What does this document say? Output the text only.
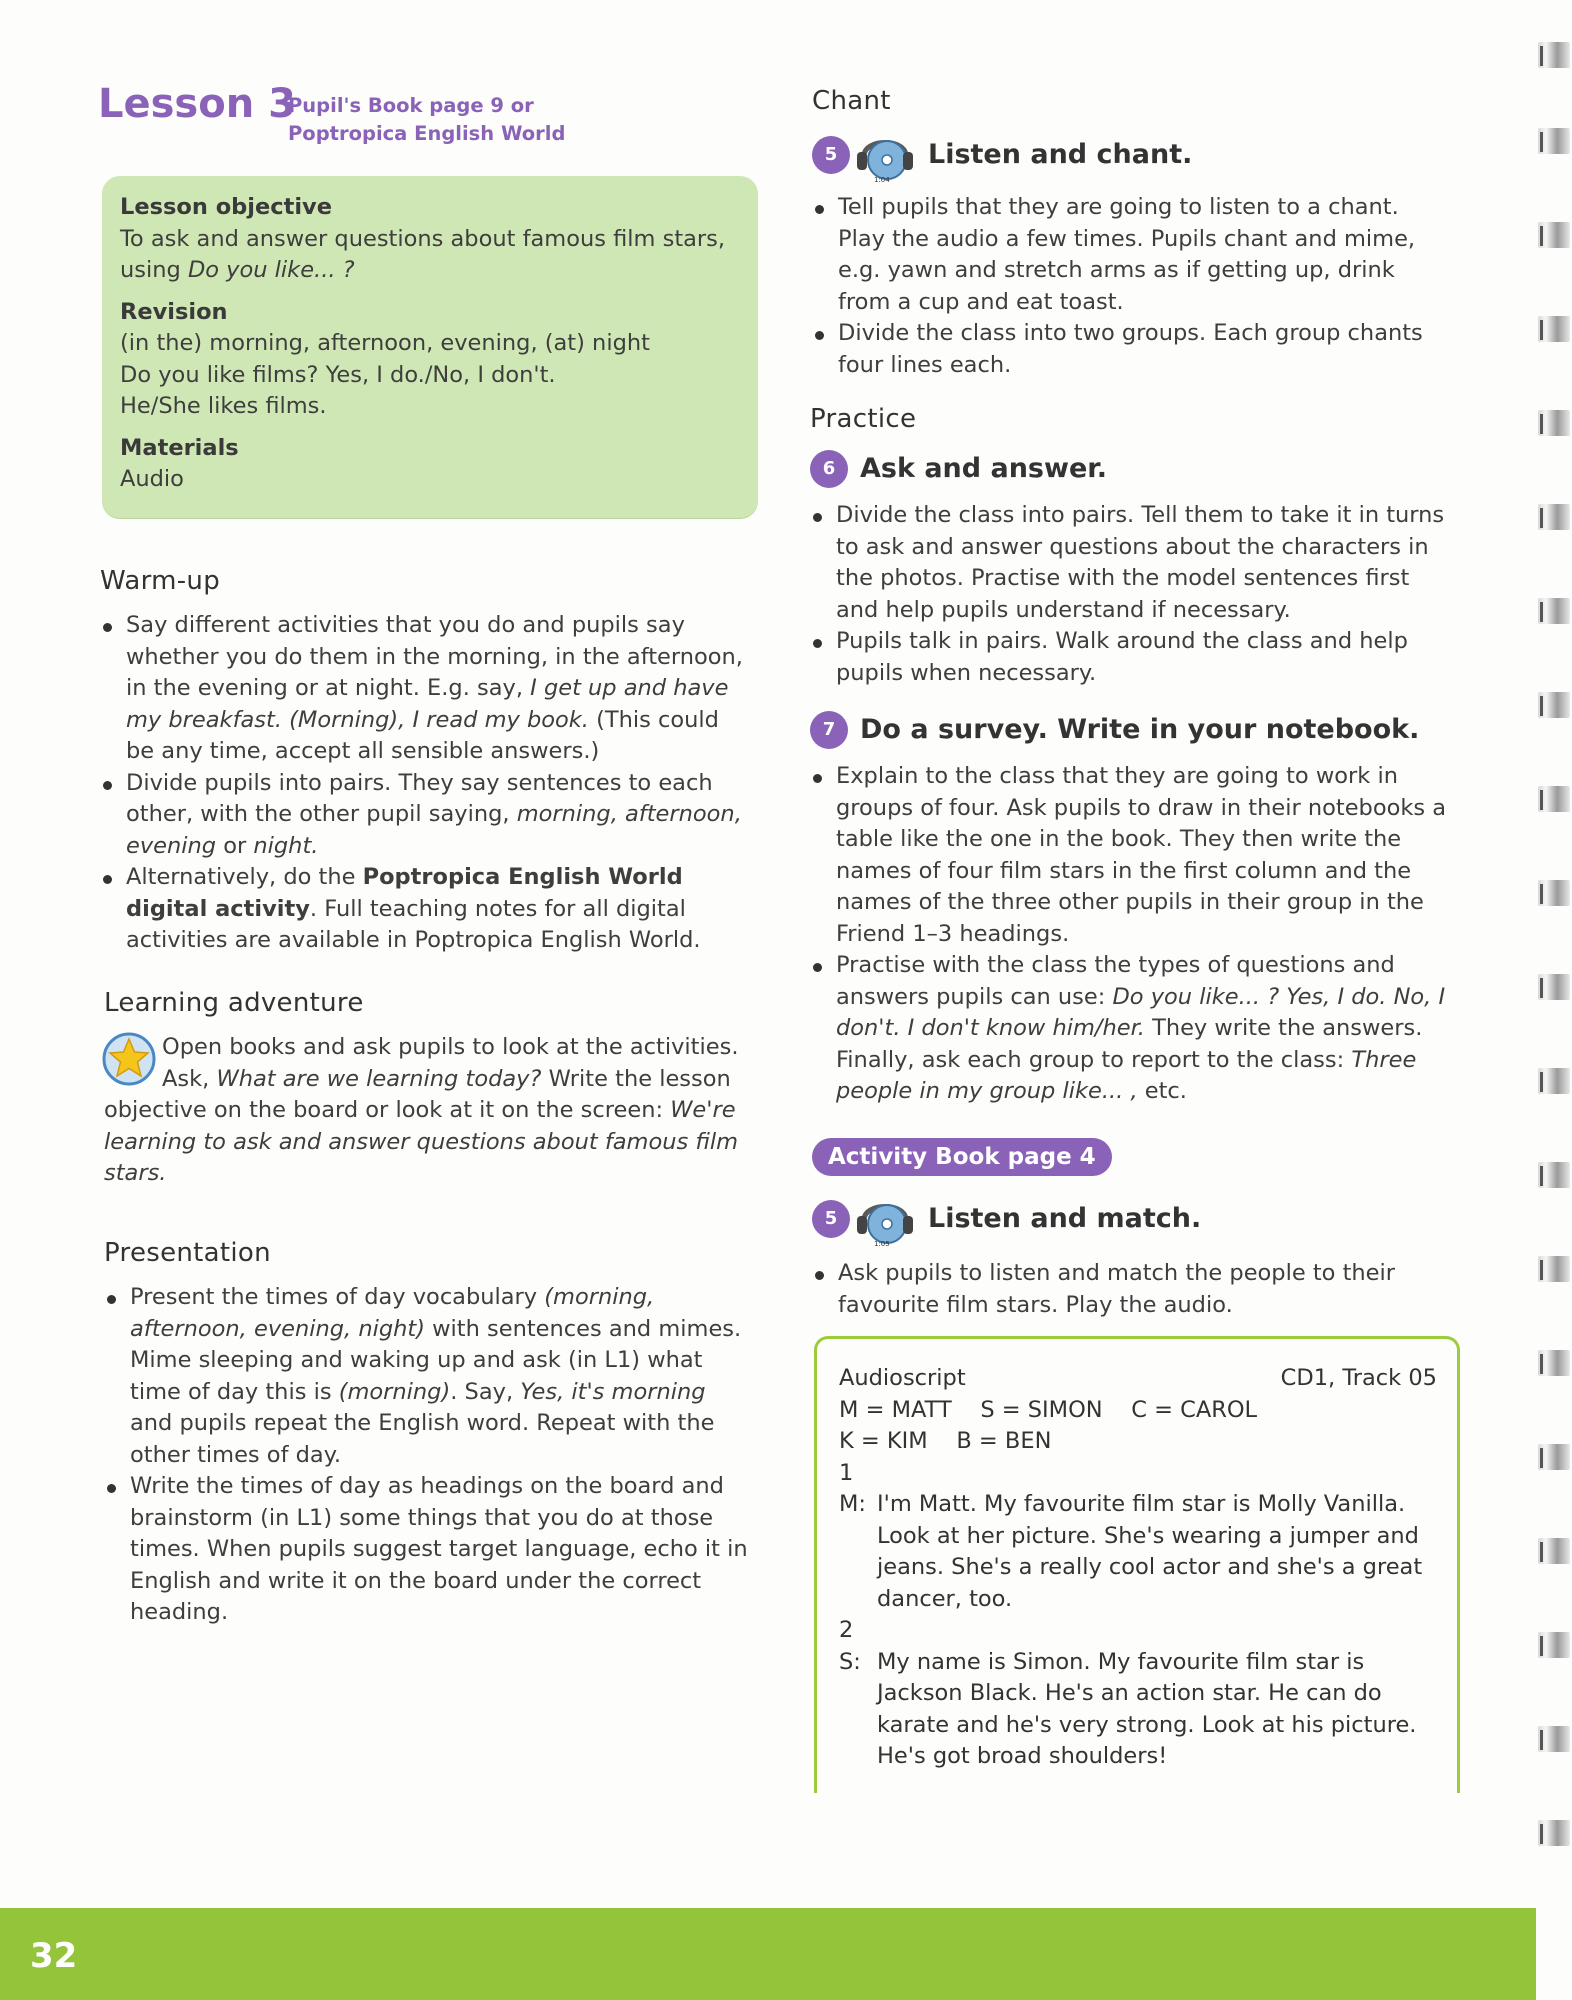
Lesson 3
Pupil's Book page 9 or
Poptropica English World

Lesson objective

To ask and answer questions about famous film stars, using Do you like... ?

Revision

(in the) morning, afternoon, evening, (at) night

Do you like films? Yes, I do./No, I don't.

He/She likes films.

Materials

Audio

Warm-up
Say different activities that you do and pupils say whether you do them in the morning, in the afternoon, in the evening or at night. E.g. say, I get up and have my breakfast. (Morning), I read my book. (This could be any time, accept all sensible answers.)
Divide pupils into pairs. They say sentences to each other, with the other pupil saying, morning, afternoon, evening or night.
Alternatively, do the Poptropica English World digital activity. Full teaching notes for all digital activities are available in Poptropica English World.
Learning adventure
Open books and ask pupils to look at the activities. Ask, What are we learning today? Write the lesson objective on the board or look at it on the screen: We're learning to ask and answer questions about famous film stars.
Presentation
Present the times of day vocabulary (morning, afternoon, evening, night) with sentences and mimes. Mime sleeping and waking up and ask (in L1) what time of day this is (morning). Say, Yes, it's morning and pupils repeat the English word. Repeat with the other times of day.
Write the times of day as headings on the board and brainstorm (in L1) some things that you do at those times. When pupils suggest target language, echo it in English and write it on the board under the correct heading.
Chant
5
1:04
Listen and chant.
Tell pupils that they are going to listen to a chant. Play the audio a few times. Pupils chant and mime, e.g. yawn and stretch arms as if getting up, drink from a cup and eat toast.
Divide the class into two groups. Each group chants four lines each.
Practice
6 Ask and answer.
Divide the class into pairs. Tell them to take it in turns to ask and answer questions about the characters in the photos. Practise with the model sentences first and help pupils understand if necessary.
Pupils talk in pairs. Walk around the class and help pupils when necessary.
7 Do a survey. Write in your notebook.
Explain to the class that they are going to work in groups of four. Ask pupils to draw in their notebooks a table like the one in the book. They then write the names of four film stars in the first column and the names of the three other pupils in their group in the Friend 1–3 headings.
Practise with the class the types of questions and answers pupils can use: Do you like... ? Yes, I do. No, I don't. I don't know him/her. They write the answers. Finally, ask each group to report to the class: Three people in my group like... , etc.
Activity Book page 4
5
1:05
Listen and match.
Ask pupils to listen and match the people to their favourite film stars. Play the audio.
Audioscript	CD1, Track 05
M = MATT    S = SIMON    C = CAROL
K = KIM    B = BEN
1
M: I'm Matt. My favourite film star is Molly Vanilla. Look at her picture. She's wearing a jumper and jeans. She's a really cool actor and she's a great dancer, too.
2
S: My name is Simon. My favourite film star is Jackson Black. He's an action star. He can do karate and he's very strong. Look at his picture. He's got broad shoulders!
32
